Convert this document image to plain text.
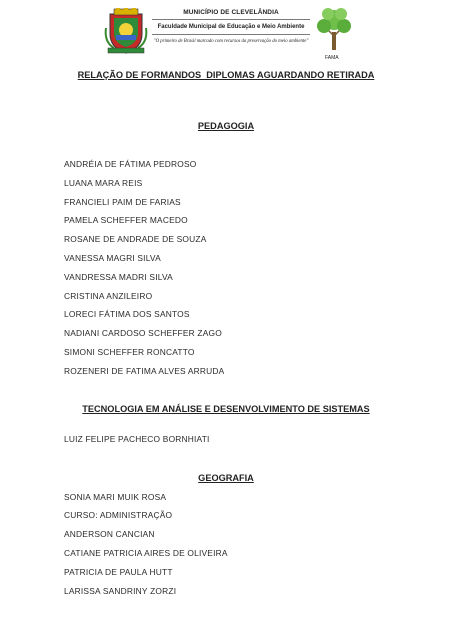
MUNICÍPIO DE CLEVELÂNDIA
Faculdade Municipal de Educação e Meio Ambiente
"O primeiro de Brasil marcado com recursos da preservação do meio ambiente"
FAMA
RELAÇÃO DE FORMANDOS  DIPLOMAS AGUARDANDO RETIRADA
PEDAGOGIA
ANDRÉIA DE FÁTIMA PEDROSO
LUANA MARA REIS
FRANCIELI PAIM DE FARIAS
PAMELA SCHEFFER MACEDO
ROSANE DE ANDRADE DE SOUZA
VANESSA MAGRI SILVA
VANDRESSA MADRI SILVA
CRISTINA ANZILEIRO
LORECI FÁTIMA DOS SANTOS
NADIANI CARDOSO SCHEFFER ZAGO
SIMONI SCHEFFER RONCATTO
ROZENERI DE FATIMA ALVES ARRUDA
TECNOLOGIA EM ANÁLISE E DESENVOLVIMENTO DE SISTEMAS
LUIZ FELIPE PACHECO BORNHIATI
GEOGRAFIA
SONIA MARI MUIK ROSA
CURSO: ADMINISTRAÇÃO
ANDERSON CANCIAN
CATIANE PATRICIA AIRES DE OLIVEIRA
PATRICIA DE PAULA HUTT
LARISSA SANDRINY ZORZI
